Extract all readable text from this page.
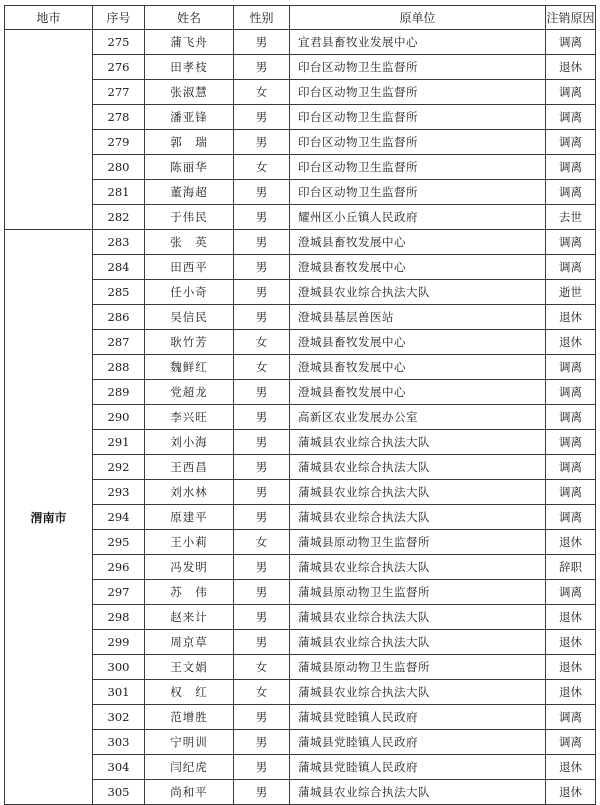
地市	序号	姓名	性别	原单位	注销原因
	275	蒲飞舟	男	宜君县畜牧业发展中心	调离
	276	田孝枝	男	印台区动物卫生监督所	退休
	277	张淑慧	女	印台区动物卫生监督所	调离
	278	潘亚锋	男	印台区动物卫生监督所	调离
	279	郭　瑞	男	印台区动物卫生监督所	调离
	280	陈丽华	女	印台区动物卫生监督所	调离
	281	董海超	男	印台区动物卫生监督所	调离
	282	于伟民	男	耀州区小丘镇人民政府	去世
渭南市	283	张　英	男	澄城县畜牧发展中心	调离
	284	田西平	男	澄城县畜牧发展中心	调离
	285	任小奇	男	澄城县农业综合执法大队	逝世
	286	吴信民	男	澄城县基层兽医站	退休
	287	耿竹芳	女	澄城县畜牧发展中心	退休
	288	魏鲜红	女	澄城县畜牧发展中心	调离
	289	党超龙	男	澄城县畜牧发展中心	调离
	290	李兴旺	男	高新区农业发展办公室	调离
	291	刘小海	男	蒲城县农业综合执法大队	调离
	292	王西昌	男	蒲城县农业综合执法大队	调离
	293	刘水林	男	蒲城县农业综合执法大队	调离
	294	原建平	男	蒲城县农业综合执法大队	调离
	295	王小莉	女	蒲城县原动物卫生监督所	退休
	296	冯发明	男	蒲城县农业综合执法大队	辞职
	297	苏　伟	男	蒲城县原动物卫生监督所	调离
	298	赵来计	男	蒲城县农业综合执法大队	退休
	299	周京草	男	蒲城县农业综合执法大队	退休
	300	王文娟	女	蒲城县原动物卫生监督所	退休
	301	权　红	女	蒲城县农业综合执法大队	退休
	302	范增胜	男	蒲城县党睦镇人民政府	调离
	303	宁明训	男	蒲城县党睦镇人民政府	调离
	304	闫纪虎	男	蒲城县党睦镇人民政府	退休
	305	尚和平	男	蒲城县农业综合执法大队	退休
